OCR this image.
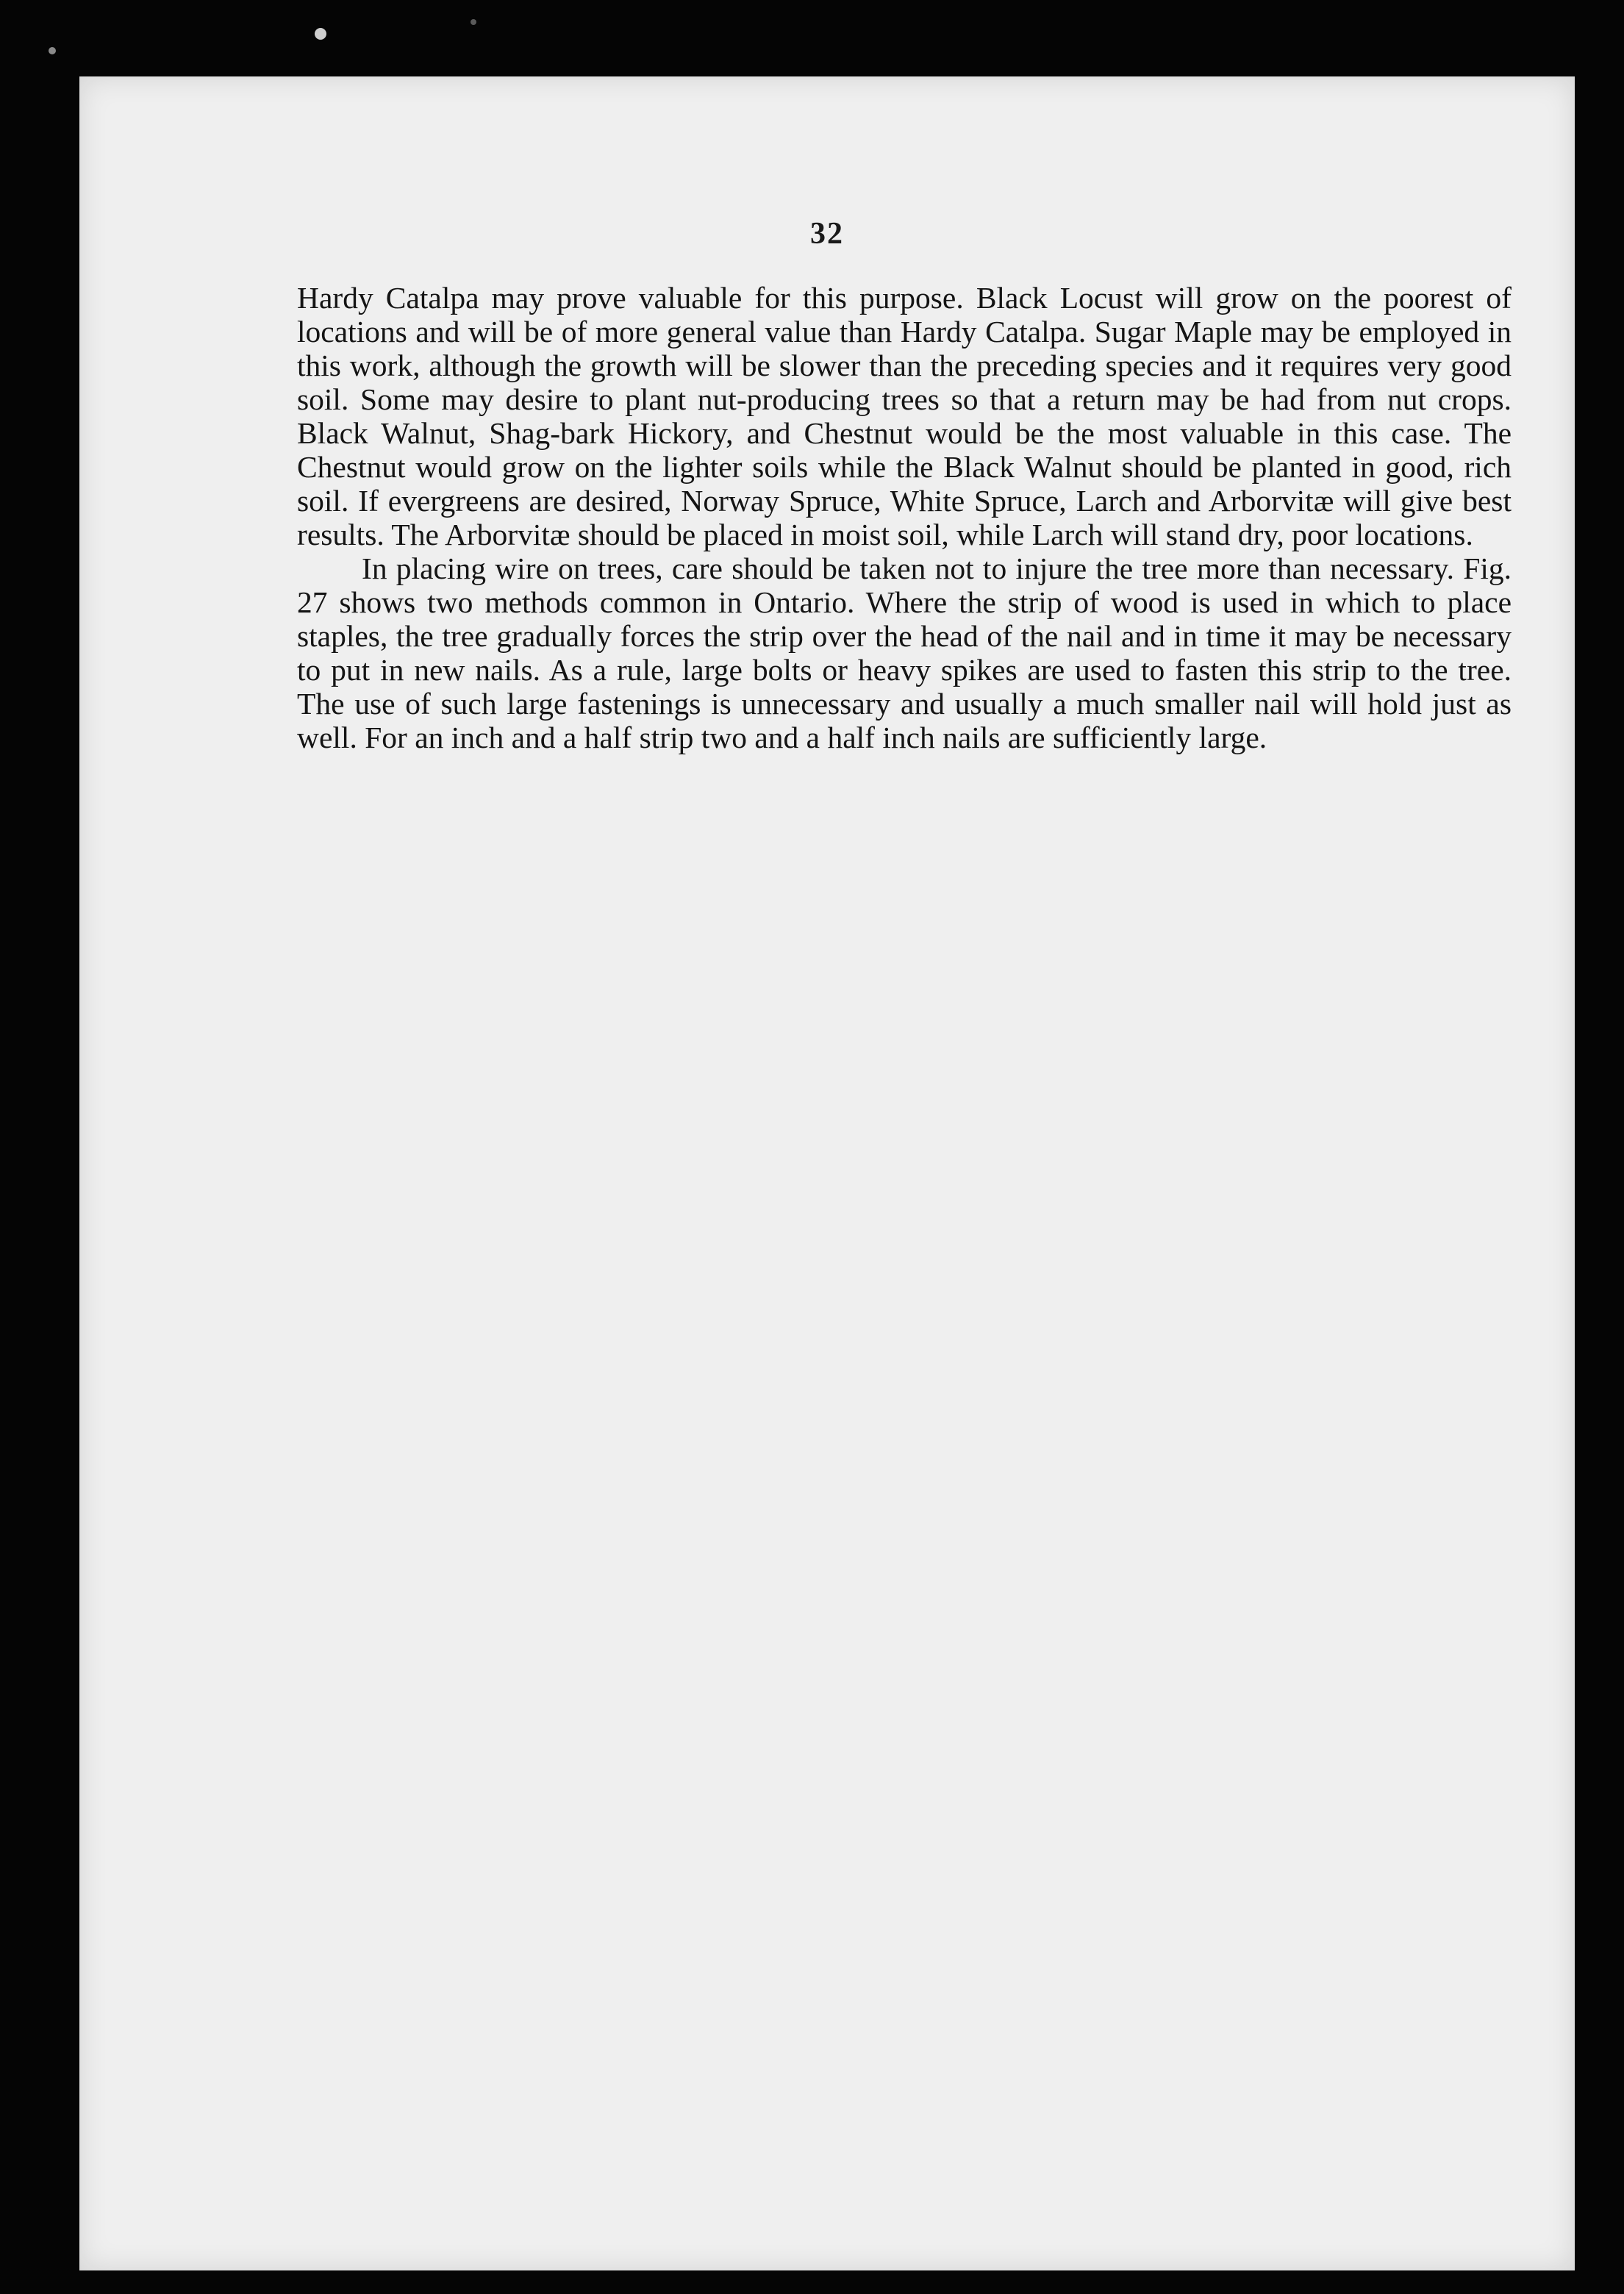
32

Hardy Catalpa may prove valuable for this purpose. Black Locust will grow on the poorest of locations and will be of more general value than Hardy Catalpa. Sugar Maple may be employed in this work, although the growth will be slower than the preceding species and it requires very good soil. Some may desire to plant nut-producing trees so that a return may be had from nut crops. Black Walnut, Shag-bark Hickory, and Chestnut would be the most valuable in this case. The Chestnut would grow on the lighter soils while the Black Walnut should be planted in good, rich soil. If evergreens are desired, Norway Spruce, White Spruce, Larch and Arborvitæ will give best results. The Arborvitæ should be placed in moist soil, while Larch will stand dry, poor locations.

In placing wire on trees, care should be taken not to injure the tree more than necessary. Fig. 27 shows two methods common in Ontario. Where the strip of wood is used in which to place staples, the tree gradually forces the strip over the head of the nail and in time it may be necessary to put in new nails. As a rule, large bolts or heavy spikes are used to fasten this strip to the tree. The use of such large fastenings is unnecessary and usually a much smaller nail will hold just as well. For an inch and a half strip two and a half inch nails are sufficiently large.
